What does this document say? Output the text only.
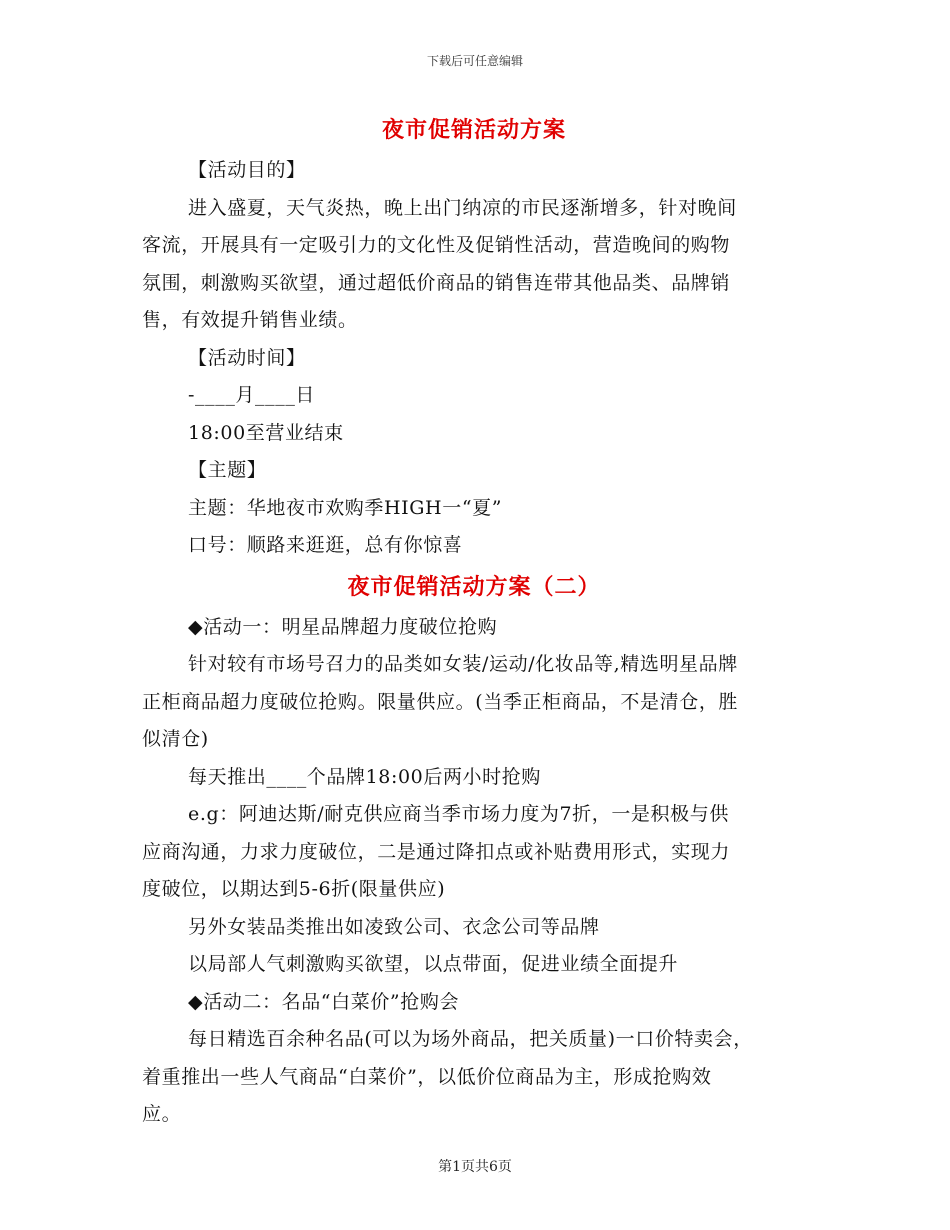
下载后可任意编辑
夜市促销活动方案
【活动目的】
进入盛夏，天气炎热，晚上出门纳凉的市民逐渐增多，针对晚间
客流，开展具有一定吸引力的文化性及促销性活动，营造晚间的购物
氛围，刺激购买欲望，通过超低价商品的销售连带其他品类、品牌销
售，有效提升销售业绩。
【活动时间】
-____月____日
18:00至营业结束
【主题】
主题：华地夜市欢购季HIGH一“夏”
口号：顺路来逛逛，总有你惊喜
夜市促销活动方案（二）
◆活动一：明星品牌超力度破位抢购
针对较有市场号召力的品类如女装/运动/化妆品等,精选明星品牌
正柜商品超力度破位抢购。限量供应。(当季正柜商品，不是清仓，胜
似清仓)
每天推出____个品牌18:00后两小时抢购
e.g：阿迪达斯/耐克供应商当季市场力度为7折，一是积极与供
应商沟通，力求力度破位，二是通过降扣点或补贴费用形式，实现力
度破位，以期达到5-6折(限量供应)
另外女装品类推出如凌致公司、衣念公司等品牌
以局部人气刺激购买欲望，以点带面，促进业绩全面提升
◆活动二：名品“白菜价”抢购会
每日精选百余种名品(可以为场外商品，把关质量)一口价特卖会，
着重推出一些人气商品“白菜价”，以低价位商品为主，形成抢购效
应。
第1页共6页
